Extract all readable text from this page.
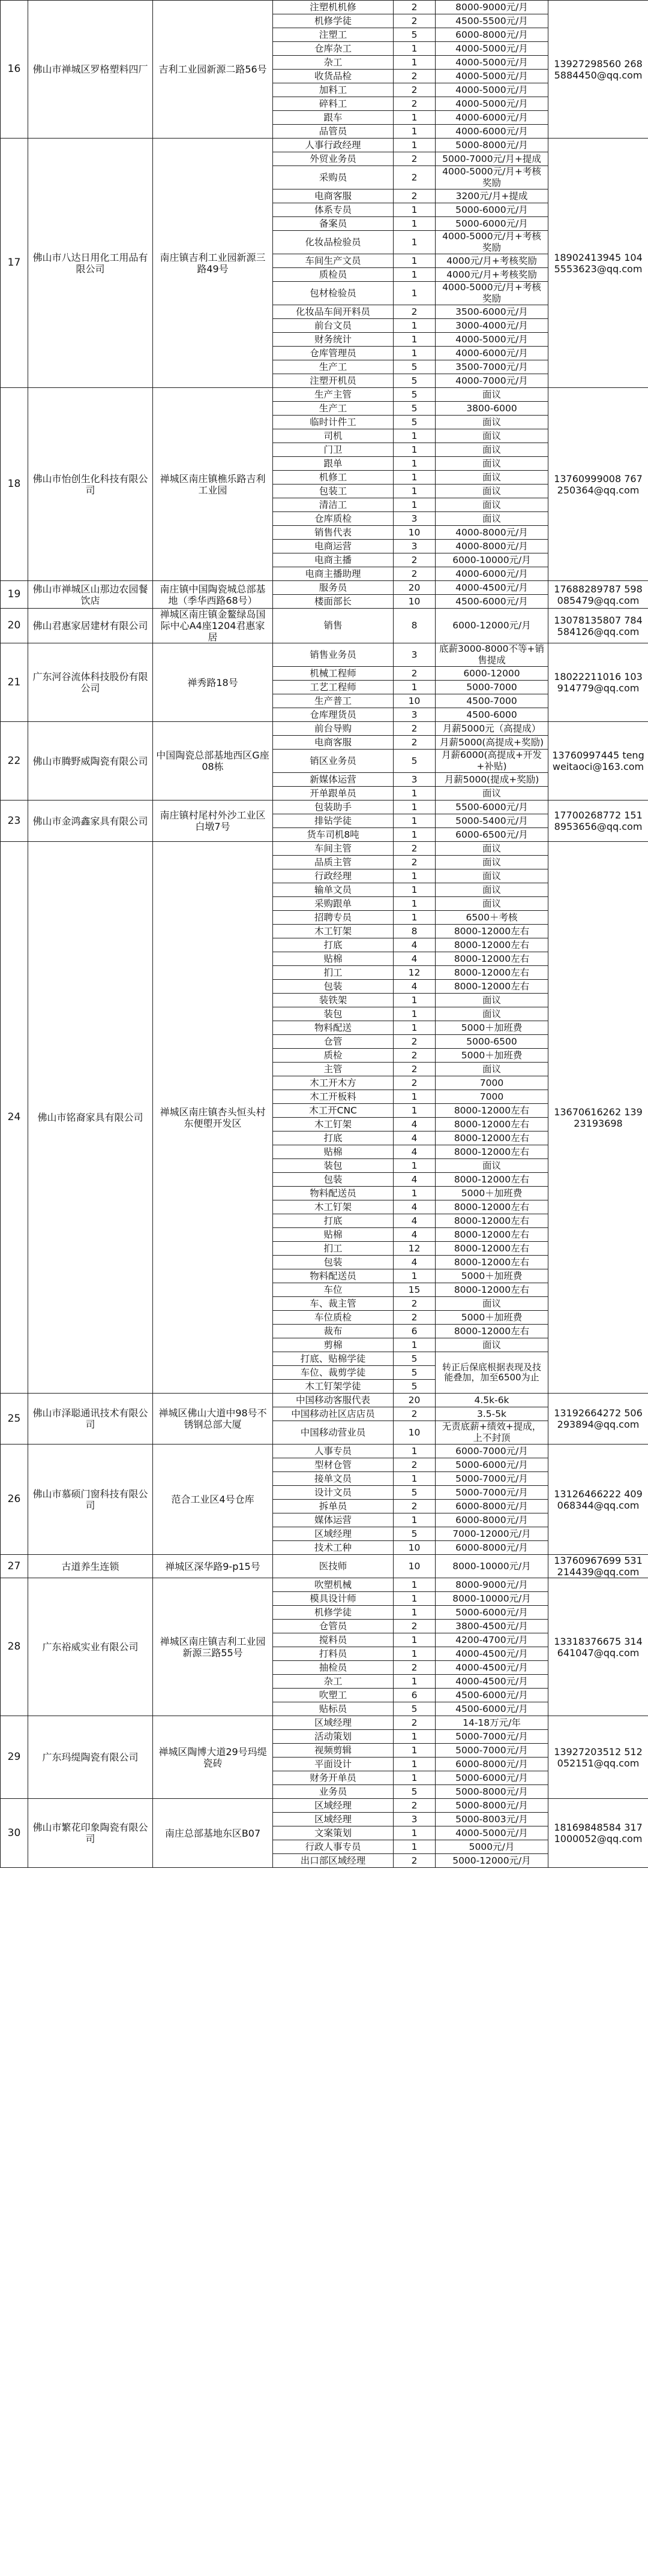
16	佛山市禅城区罗格塑料四厂	吉利工业园新源二路56号	注塑机机修	2	8000-9000元/月	13927298560 2685884450@qq.com
			机修学徒	2	4500-5500元/月	
			注塑工	5	6000-8000元/月	
			仓库杂工	1	4000-5000元/月	
			杂工	1	4000-5000元/月	
			收货品检	2	4000-5000元/月	
			加料工	2	4000-5000元/月	
			碎料工	2	4000-5000元/月	
			跟车	1	4000-6000元/月	
			品管员	1	4000-6000元/月	
17	佛山市八达日用化工用品有限公司	南庄镇吉利工业园新源三路49号	人事行政经理	1	5000-8000元/月	18902413945 1045553623@qq.com
			外贸业务员	2	5000-7000元/月+提成	
			采购员	2	4000-5000元/月+考核奖励	
			电商客服	2	3200元/月+提成	
			体系专员	1	5000-6000元/月	
			备案员	1	5000-6000元/月	
			化妆品检验员	1	4000-5000元/月+考核奖励	
			车间生产文员	1	4000元/月+考核奖励	
			质检员	1	4000元/月+考核奖励	
			包材检验员	1	4000-5000元/月+考核奖励	
			化妆品车间开料员	2	3500-6000元/月	
			前台文员	1	3000-4000元/月	
			财务统计	1	4000-5000元/月	
			仓库管理员	1	4000-6000元/月	
			生产工	5	3500-7000元/月	
			注塑开机员	5	4000-7000元/月	
18	佛山市怡创生化科技有限公司	禅城区南庄镇樵乐路吉利工业园	生产主管	5	面议	13760999008 767250364@qq.com
			生产工	5	3800-6000	
			临时计件工	5	面议	
			司机	1	面议	
			门卫	1	面议	
			跟单	1	面议	
			机修工	1	面议	
			包装工	1	面议	
			清洁工	1	面议	
			仓库质检	3	面议	
			销售代表	10	4000-8000元/月	
			电商运营	3	4000-8000元/月	
			电商主播	2	6000-10000元/月	
			电商主播助理	2	4000-6000元/月	
19	佛山市禅城区山那边农园餐饮店	南庄镇中国陶瓷城总部基地（季华西路68号）	服务员	20	4000-4500元/月	17688289787 598085479@qq.com
			楼面部长	10	4500-6000元/月	
20	佛山君惠家居建材有限公司	禅城区南庄镇金鳌绿岛国际中心A4座1204君惠家居	销售	8	6000-12000元/月	13078135807 784584126@qq.com
21	广东河谷流体科技股份有限公司	禅秀路18号	销售业务员	3	底薪3000-8000不等+销售提成	18022211016 103914779@qq.com
			机械工程师	2	6000-12000	
			工艺工程师	1	5000-7000	
			生产普工	10	4500-7000	
			仓库理货员	3	4500-6000	
22	佛山市腾野威陶瓷有限公司	中国陶瓷总部基地西区G座08栋	前台导购	2	月薪5000元（高提成）	13760997445 tengweitaoci@163.com
			电商客服	2	月薪5000(高提成+奖励)	
			销区业务员	5	月薪6000(高提成+开发+补贴)	
			新媒体运营	3	月薪5000(提成+奖励)	
			开单跟单员	1	面议	
23	佛山市金鸿鑫家具有限公司	南庄镇村尾村外沙工业区白墩7号	包装助手	1	5500-6000元/月	17700268772 1518953656@qq.com
			排钻学徒	1	5000-5400元/月	
			货车司机8吨	1	6000-6500元/月	
24	佛山市铭裔家具有限公司	禅城区南庄镇杏头恒头村东便塱开发区	车间主管	2	面议	13670616262 13923193698
			品质主管	2	面议	
			行政经理	1	面议	
			输单文员	1	面议	
			采购跟单	1	面议	
			招聘专员	1	6500＋考核	
			木工钉架	8	8000-12000左右	
			打底	4	8000-12000左右	
			贴棉	4	8000-12000左右	
			扪工	12	8000-12000左右	
			包装	4	8000-12000左右	
			装铁架	1	面议	
			装包	1	面议	
			物料配送	1	5000＋加班费	
			仓管	2	5000-6500	
			质检	2	5000＋加班费	
			主管	2	面议	
			木工开木方	2	7000	
			木工开板料	1	7000	
			木工开CNC	1	8000-12000左右	
			木工钉架	4	8000-12000左右	
			打底	4	8000-12000左右	
			贴棉	4	8000-12000左右	
			装包	1	面议	
			包装	4	8000-12000左右	
			物料配送员	1	5000＋加班费	
			木工钉架	4	8000-12000左右	
			打底	4	8000-12000左右	
			贴棉	4	8000-12000左右	
			扪工	12	8000-12000左右	
			包装	4	8000-12000左右	
			物料配送员	1	5000＋加班费	
			车位	15	8000-12000左右	
			车、裁主管	2	面议	
			车位质检	2	5000＋加班费	
			裁布	6	8000-12000左右	
			剪棉	1	面议	
			打底、贴棉学徒	5	转正后保底根据表现及技能叠加，加至6500为止	
			车位、裁剪学徒	5		
			木工钉架学徒	5		
25	佛山市泽聪通讯技术有限公司	禅城区佛山大道中98号不锈钢总部大厦	中国移动客服代表	20	4.5k-6k	13192664272 506293894@qq.com
			中国移动社区店店员	2	3.5-5k	
			中国移动营业员	10	无责底薪+绩效+提成，上不封顶	
26	佛山市慕硕门窗科技有限公司	范合工业区4号仓库	人事专员	1	6000-7000元/月	13126466222 409068344@qq.com
			型材仓管	2	5000-6000元/月	
			接单文员	1	5000-7000元/月	
			设计文员	5	5000-7000元/月	
			拆单员	2	6000-8000元/月	
			媒体运营	1	6000-8000元/月	
			区域经理	5	7000-12000元/月	
			技术工种	10	6000-8000元/月	
27	古道养生连锁	禅城区深华路9-p15号	医技师	10	8000-10000元/月	13760967699 531214439@qq.com
28	广东裕威实业有限公司	禅城区南庄镇吉利工业园新源三路55号	吹塑机械	1	8000-9000元/月	13318376675 314641047@qq.com
			模具设计师	1	8000-10000元/月	
			机修学徒	1	5000-6000元/月	
			仓管员	2	3800-4500元/月	
			搅料员	1	4200-4700元/月	
			打料员	1	4000-4500元/月	
			抽检员	2	4000-4500元/月	
			杂工	1	4000-4500元/月	
			吹塑工	6	4500-6000元/月	
			贴标员	5	4500-6000元/月	
29	广东玛缇陶瓷有限公司	禅城区陶博大道29号玛缇瓷砖	区域经理	2	14-18万元/年	13927203512 512052151@qq.com
			活动策划	1	5000-7000元/月	
			视频剪辑	1	5000-7000元/月	
			平面设计	1	6000-8000元/月	
			财务开单员	1	5000-6000元/月	
			业务员	5	5000-8000元/月	
30	佛山市繁花印象陶瓷有限公司	南庄总部基地东区B07	区域经理	2	5000-8000元/月	18169848584 3171000052@qq.com
			区域经理	3	5000-8003元/月	
			文案策划	1	4000-5000元/月	
			行政人事专员	1	5000元/月	
			出口部区域经理	2	5000-12000元/月	
